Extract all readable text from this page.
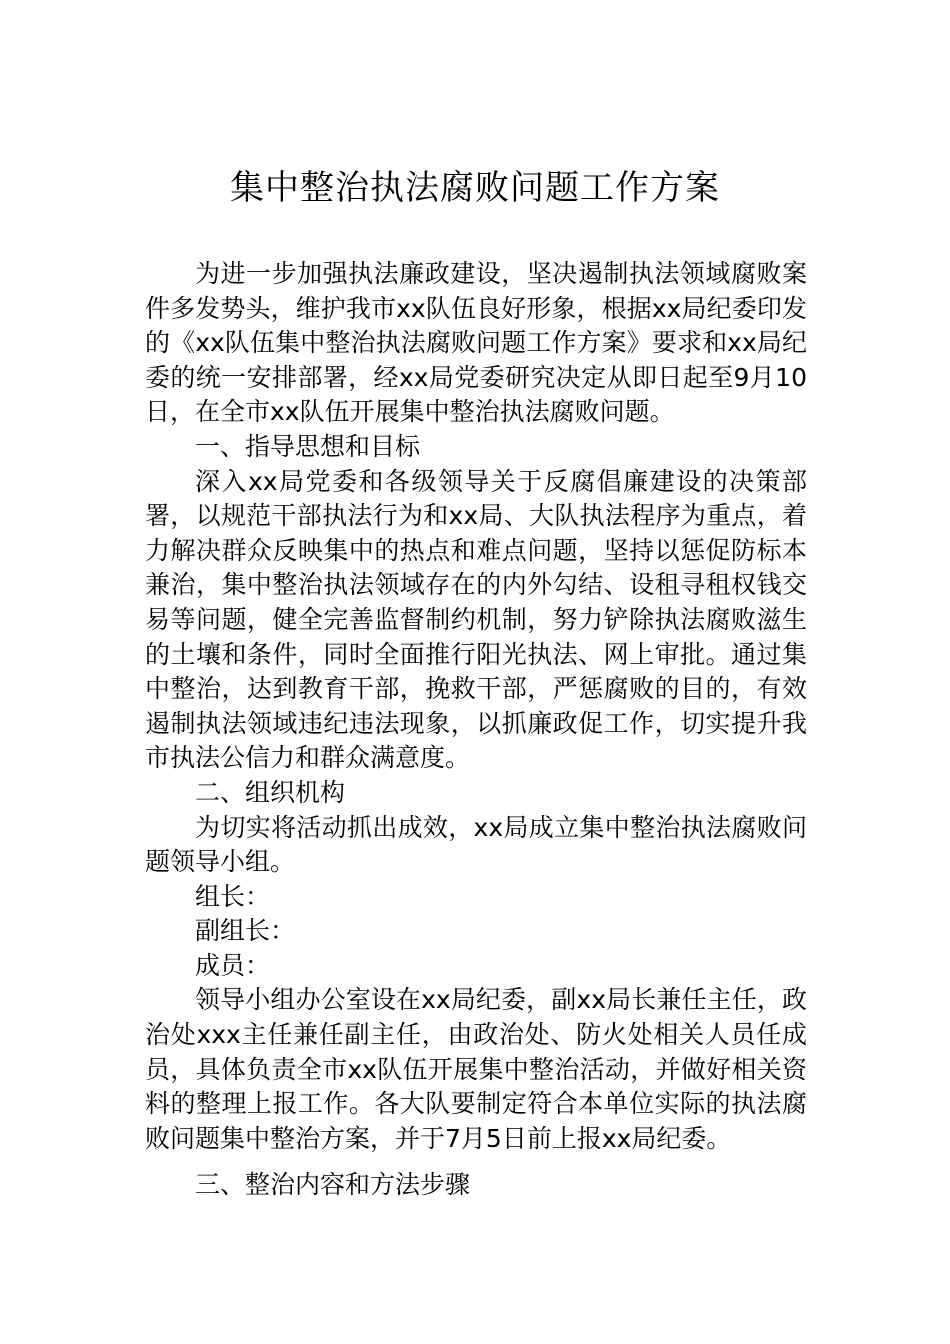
集中整治执法腐败问题工作方案

为进一步加强执法廉政建设，坚决遏制执法领域腐败案件多发势头，维护我市xx队伍良好形象，根据xx局纪委印发的《xx队伍集中整治执法腐败问题工作方案》要求和xx局纪委的统一安排部署，经xx局党委研究决定从即日起至9月10日，在全市xx队伍开展集中整治执法腐败问题。

一、指导思想和目标

深入xx局党委和各级领导关于反腐倡廉建设的决策部署，以规范干部执法行为和xx局、大队执法程序为重点，着力解决群众反映集中的热点和难点问题，坚持以惩促防标本兼治，集中整治执法领域存在的内外勾结、设租寻租权钱交易等问题，健全完善监督制约机制，努力铲除执法腐败滋生的土壤和条件，同时全面推行阳光执法、网上审批。通过集中整治，达到教育干部，挽救干部，严惩腐败的目的，有效遏制执法领域违纪违法现象，以抓廉政促工作，切实提升我市执法公信力和群众满意度。

二、组织机构

为切实将活动抓出成效，xx局成立集中整治执法腐败问题领导小组。

组长：

副组长：

成员：

领导小组办公室设在xx局纪委，副xx局长兼任主任，政治处xxx主任兼任副主任，由政治处、防火处相关人员任成员，具体负责全市xx队伍开展集中整治活动，并做好相关资料的整理上报工作。各大队要制定符合本单位实际的执法腐败问题集中整治方案，并于7月5日前上报xx局纪委。

三、整治内容和方法步骤
